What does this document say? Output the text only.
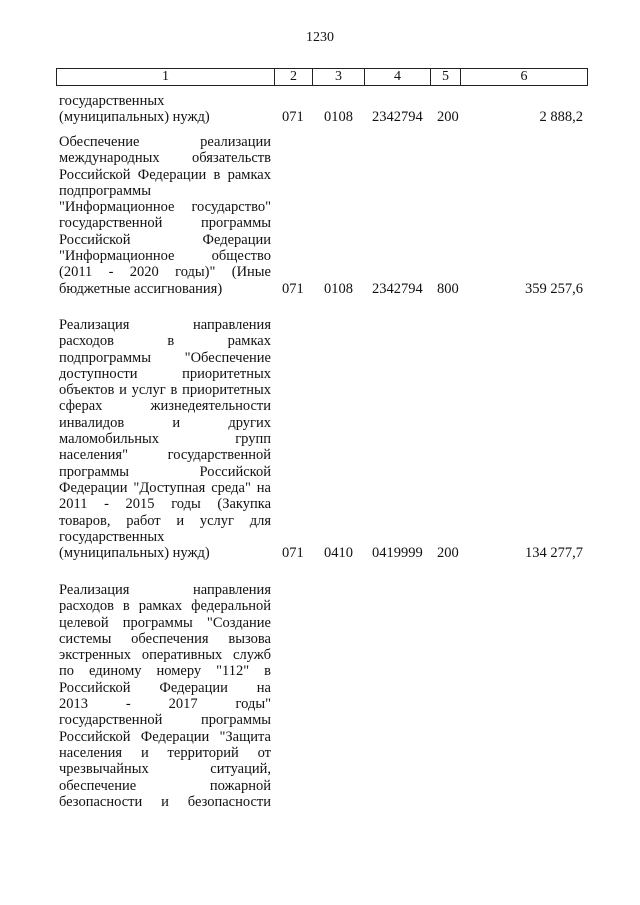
1230
1	2	3	4	5	6
государственных
(муниципальных) нужд)	071 0108 2342794 200	2 888,2
Обеспечение реализации
международных обязательств
Российской Федерации в рамках
подпрограммы
"Информационное государство"
государственной программы
Российской Федерации
"Информационное общество
(2011 - 2020 годы)" (Иные
бюджетные ассигнования)	071 0108 2342794 800	359 257,6
Реализация направления
расходов в рамках
подпрограммы "Обеспечение
доступности приоритетных
объектов и услуг в приоритетных
сферах жизнедеятельности
инвалидов и других
маломобильных групп
населения" государственной
программы Российской
Федерации "Доступная среда" на
2011 - 2015 годы (Закупка
товаров, работ и услуг для
государственных
(муниципальных) нужд)	071 0410 0419999 200	134 277,7
Реализация направления
расходов в рамках федеральной
целевой программы "Создание
системы обеспечения вызова
экстренных оперативных служб
по единому номеру "112" в
Российской Федерации на
2013 - 2017 годы"
государственной программы
Российской Федерации "Защита
населения и территорий от
чрезвычайных ситуаций,
обеспечение пожарной
безопасности и безопасности
